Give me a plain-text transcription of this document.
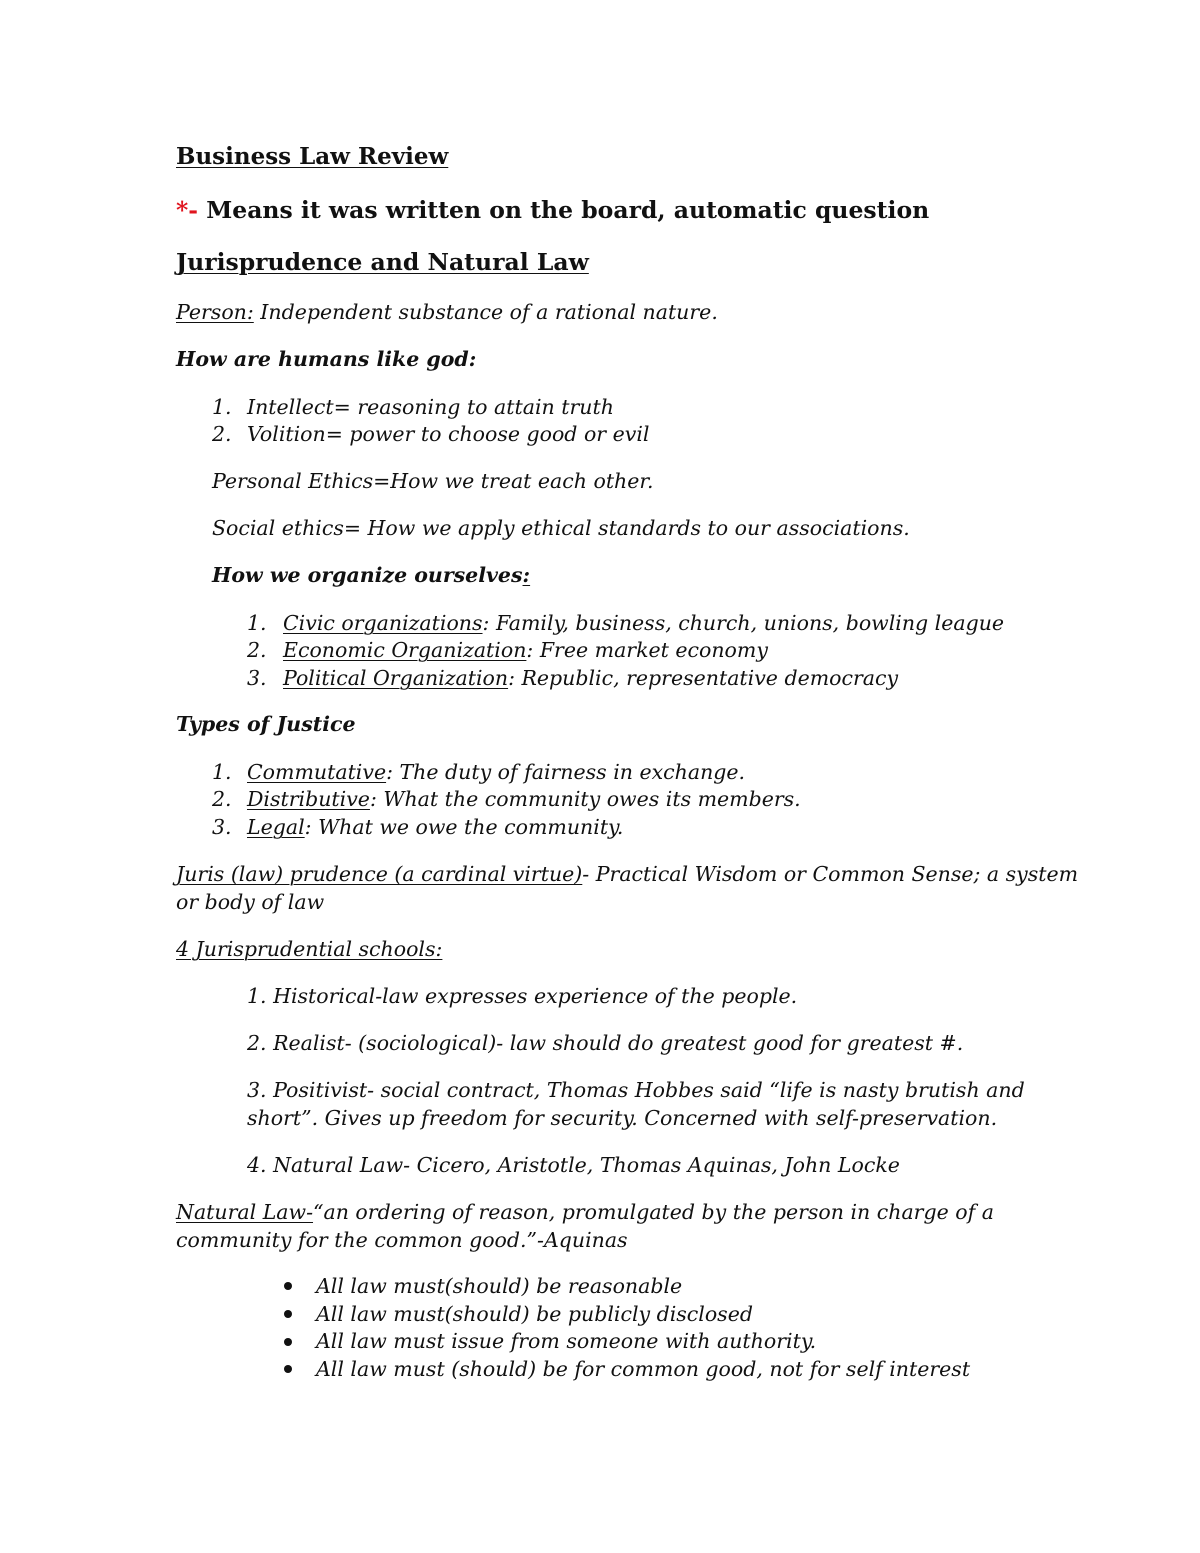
Business Law Review
*- Means it was written on the board, automatic question
Jurisprudence and Natural Law
Person: Independent substance of a rational nature.
How are humans like god:
1. Intellect= reasoning to attain truth
2. Volition= power to choose good or evil
Personal Ethics=How we treat each other.
Social ethics= How we apply ethical standards to our associations.
How we organize ourselves:
1. Civic organizations: Family, business, church, unions, bowling league
2. Economic Organization: Free market economy
3. Political Organization: Republic, representative democracy
Types of Justice
1. Commutative: The duty of fairness in exchange.
2. Distributive: What the community owes its members.
3. Legal: What we owe the community.
Juris (law) prudence (a cardinal virtue)- Practical Wisdom or Common Sense; a system
or body of law
4 Jurisprudential schools:
1. Historical-law expresses experience of the people.
2. Realist- (sociological)- law should do greatest good for greatest #.
3. Positivist- social contract, Thomas Hobbes said “life is nasty brutish and
short”. Gives up freedom for security. Concerned with self-preservation.
4. Natural Law- Cicero, Aristotle, Thomas Aquinas, John Locke
Natural Law-“an ordering of reason, promulgated by the person in charge of a
community for the common good.”-Aquinas
All law must(should) be reasonable
All law must(should) be publicly disclosed
All law must issue from someone with authority.
All law must (should) be for common good, not for self interest
